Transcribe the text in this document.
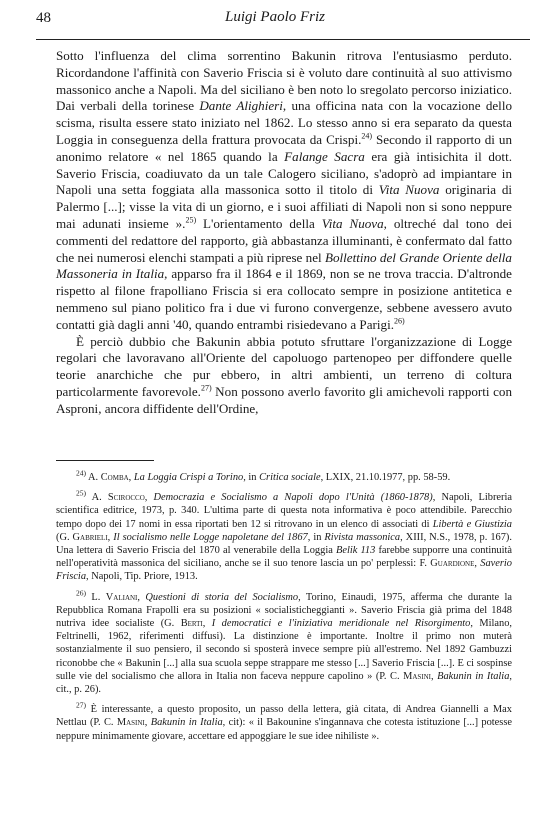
48	Luigi Paolo Friz

Sotto l'influenza del clima sorrentino Bakunin ritrova l'entusiasmo perduto. Ricordandone l'affinità con Saverio Friscia si è voluto dare continuità al suo attivismo massonico anche a Napoli. Ma del siciliano è ben noto lo sregolato percorso iniziatico. Dai verbali della torinese Dante Alighieri, una officina nata con la vocazione dello scisma, risulta essere stato iniziato nel 1862. Lo stesso anno si era separato da questa Loggia in conseguenza della frattura provocata da Crispi.$^{24)}$ Secondo il rapporto di un anonimo relatore « nel 1865 quando la Falange Sacra era già intisichita il dott. Saverio Friscia, coadiuvato da un tale Calogero siciliano, s'adoprò ad impiantare in Napoli una setta foggiata alla massonica sotto il titolo di Vita Nuova originaria di Palermo [...]; visse la vita di un giorno, e i suoi affiliati di Napoli non si sono neppure mai adunati insieme ».$^{25)}$ L'orientamento della Vita Nuova, oltreché dal tono dei commenti del redattore del rapporto, già abbastanza illuminanti, è confermato dal fatto che nei numerosi elenchi stampati a più riprese nel Bollettino del Grande Oriente della Massoneria in Italia, apparso fra il 1864 e il 1869, non se ne trova traccia. D'altronde rispetto al filone frapolliano Friscia si era collocato sempre in posizione antitetica e nemmeno sul piano politico fra i due vi furono convergenze, sebbene avessero avuto contatti già dagli anni '40, quando entrambi risiedevano a Parigi.$^{26)}$

È perciò dubbio che Bakunin abbia potuto sfruttare l'organizzazione di Logge regolari che lavoravano all'Oriente del capoluogo partenopeo per diffondere quelle teorie anarchiche che pur ebbero, in altri ambienti, un terreno di coltura particolarmente favorevole.$^{27)}$ Non possono averlo favorito gli amichevoli rapporti con Asproni, ancora diffidente dell'Ordine,

$^{24)}$ A. Comba, La Loggia Crispi a Torino, in Critica sociale, LXIX, 21.10.1977, pp. 58-59.

$^{25)}$ A. Scirocco, Democrazia e Socialismo a Napoli dopo l'Unità (1860-1878), Napoli, Libreria scientifica editrice, 1973, p. 340. L'ultima parte di questa nota informativa è poco attendibile. Parecchio tempo dopo dei 17 nomi in essa riportati ben 12 si ritrovano in un elenco di associati di Libertà e Giustizia (G. Gabrieli, Il socialismo nelle Logge napoletane del 1867, in Rivista massonica, XIII, N.S., 1978, p. 167). Una lettera di Saverio Friscia del 1870 al venerabile della Loggia Belik 113 farebbe supporre una continuità nell'operatività massonica del siciliano, anche se il suo tenore lascia un po' perplessi: F. Guardione, Saverio Friscia, Napoli, Tip. Priore, 1913.

$^{26)}$ L. Valiani, Questioni di storia del Socialismo, Torino, Einaudi, 1975, afferma che durante la Repubblica Romana Frapolli era su posizioni « socialisticheggianti ». Saverio Friscia già prima del 1848 nutriva idee socialiste (G. Berti, I democratici e l'iniziativa meridionale nel Risorgimento, Milano, Feltrinelli, 1962, riferimenti diffusi). La distinzione è importante. Inoltre il primo non muterà sostanzialmente il suo pensiero, il secondo si sposterà invece sempre più all'estremo. Nel 1892 Gambuzzi riconobbe che « Bakunin [...] alla sua scuola seppe strappare me stesso [...] Saverio Friscia [...]. E ci sospinse sulle vie del socialismo che allora in Italia non faceva neppure capolino » (P. C. Masini, Bakunin in Italia, cit., p. 26).

$^{27)}$ È interessante, a questo proposito, un passo della lettera, già citata, di Andrea Giannelli a Max Nettlau (P. C. Masini, Bakunin in Italia, cit): « il Bakounine s'ingannava che cotesta istituzione [...] potesse neppure minimamente giovare, accettare ed appoggiare le sue idee nihiliste ».
